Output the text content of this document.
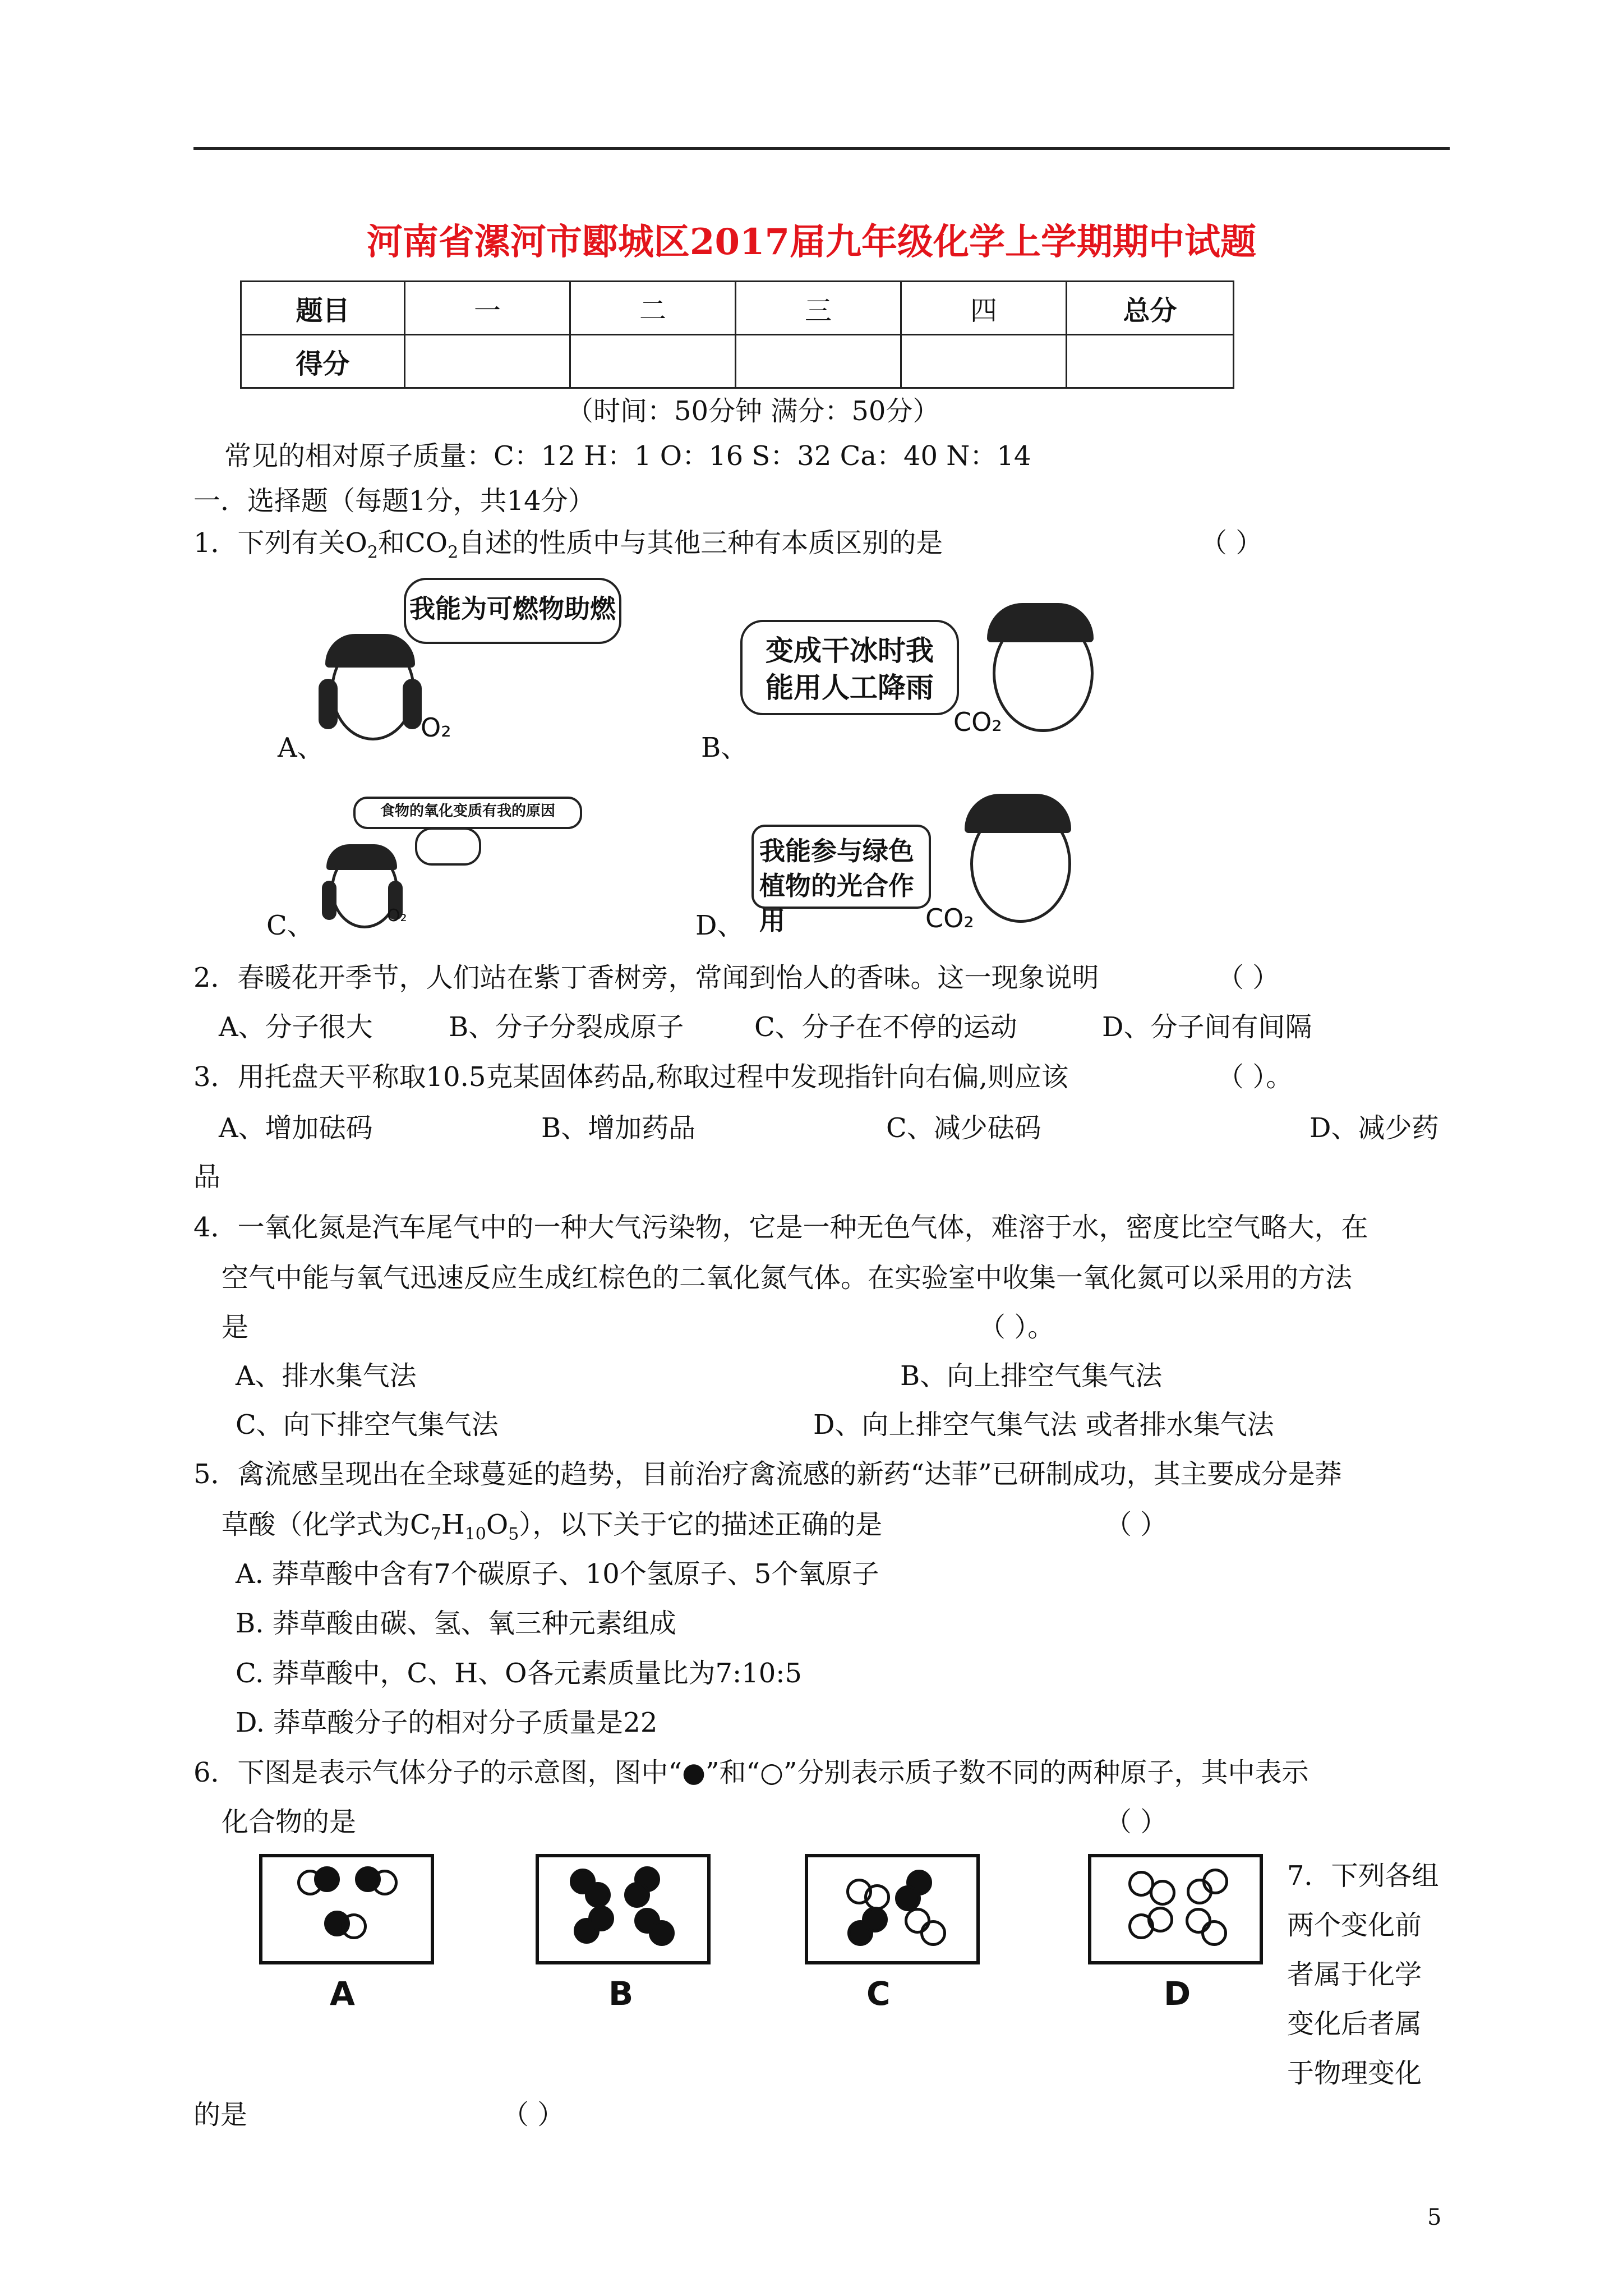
河南省漯河市郾城区2017届九年级化学上学期期中试题
题目	一	二	三	四	总分
得分					
（时间：50分钟 满分：50分）
常见的相对原子质量：C：12 H：1 O：16 S：32 Ca：40 N：14
一．选择题（每题1分，共14分）
1．下列有关$O_2$和$CO_2$自述的性质中与其他三种有本质区别的是	（ ）
我能为可燃物助燃
O₂
A、
变成干冰时我
能用人工降雨
CO₂
B、
食物的氧化变质有我的原因
O₂
C、
我能参与绿色
植物的光合作用	CO₂
D、
2．春暖花开季节，人们站在紫丁香树旁，常闻到怡人的香味。这一现象说明	（ ）
A、分子很大	B、分子分裂成原子	C、分子在不停的运动	D、分子间有间隔
3．用托盘天平称取10.5克某固体药品,称取过程中发现指针向右偏,则应该	（ ）。
A、增加砝码	B、增加药品	C、减少砝码	D、减少药
品
4．一氧化氮是汽车尾气中的一种大气污染物，它是一种无色气体，难溶于水，密度比空气略大，在
空气中能与氧气迅速反应生成红棕色的二氧化氮气体。在实验室中收集一氧化氮可以采用的方法
是	（ ）。
A、排水集气法	B、向上排空气集气法
C、向下排空气集气法	D、向上排空气集气法 或者排水集气法
5．禽流感呈现出在全球蔓延的趋势，目前治疗禽流感的新药“达菲”已研制成功，其主要成分是莽
草酸（化学式为$C_7H_{10}O_5$），以下关于它的描述正确的是	（ ）
A. 莽草酸中含有7个碳原子、10个氢原子、5个氧原子
B. 莽草酸由碳、氢、氧三种元素组成
C. 莽草酸中，C、H、O各元素质量比为7:10:5
D. 莽草酸分子的相对分子质量是22
6．下图是表示气体分子的示意图，图中“●”和“○”分别表示质子数不同的两种原子，其中表示
化合物的是	（ ）
A	B	C	D
7．下列各组
两个变化前
者属于化学
变化后者属
于物理变化
的是	（ ）
5
